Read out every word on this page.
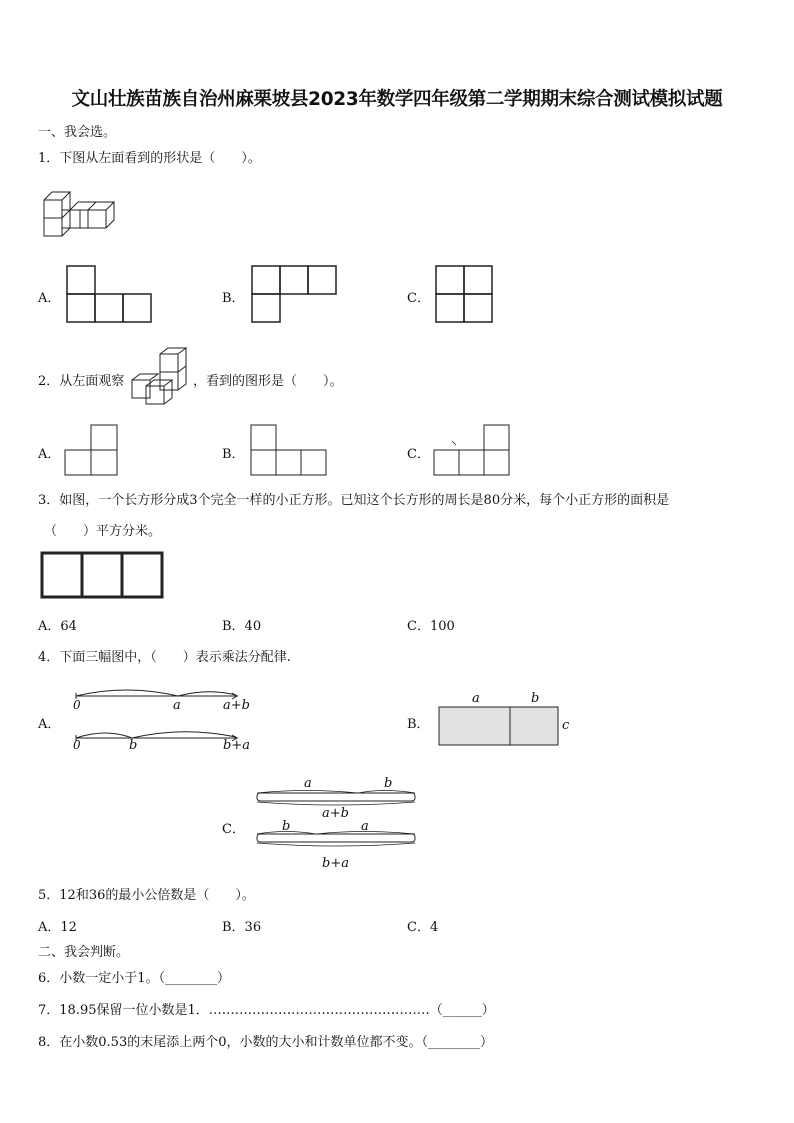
文山壮族苗族自治州麻栗坡县2023年数学四年级第二学期期末综合测试模拟试题
一、我会选。
1．下图从左面看到的形状是（　　）。
A．	B．	C．
2．从左面观察	，看到的图形是（　　）。
A．	B．	C．
3．如图，一个长方形分成3个完全一样的小正方形。已知这个长方形的周长是80分米，每个小正方形的面积是
（　　）平方分米。
A．64	B．40	C．100
4．下面三幅图中，（　　）表示乘法分配律.
A．
0	a	a+b
0	b	b+a
B．
a	b
c
C．
a	b
a+b
b	a
b+a
5．12和36的最小公倍数是（　　）。
A．12	B．36	C．4
二、我会判断。
6．小数一定小于1。（________）
7．18.95保留一位小数是1．……………………………………………（______）
8．在小数0.53的末尾添上两个0，小数的大小和计数单位都不变。（________）
